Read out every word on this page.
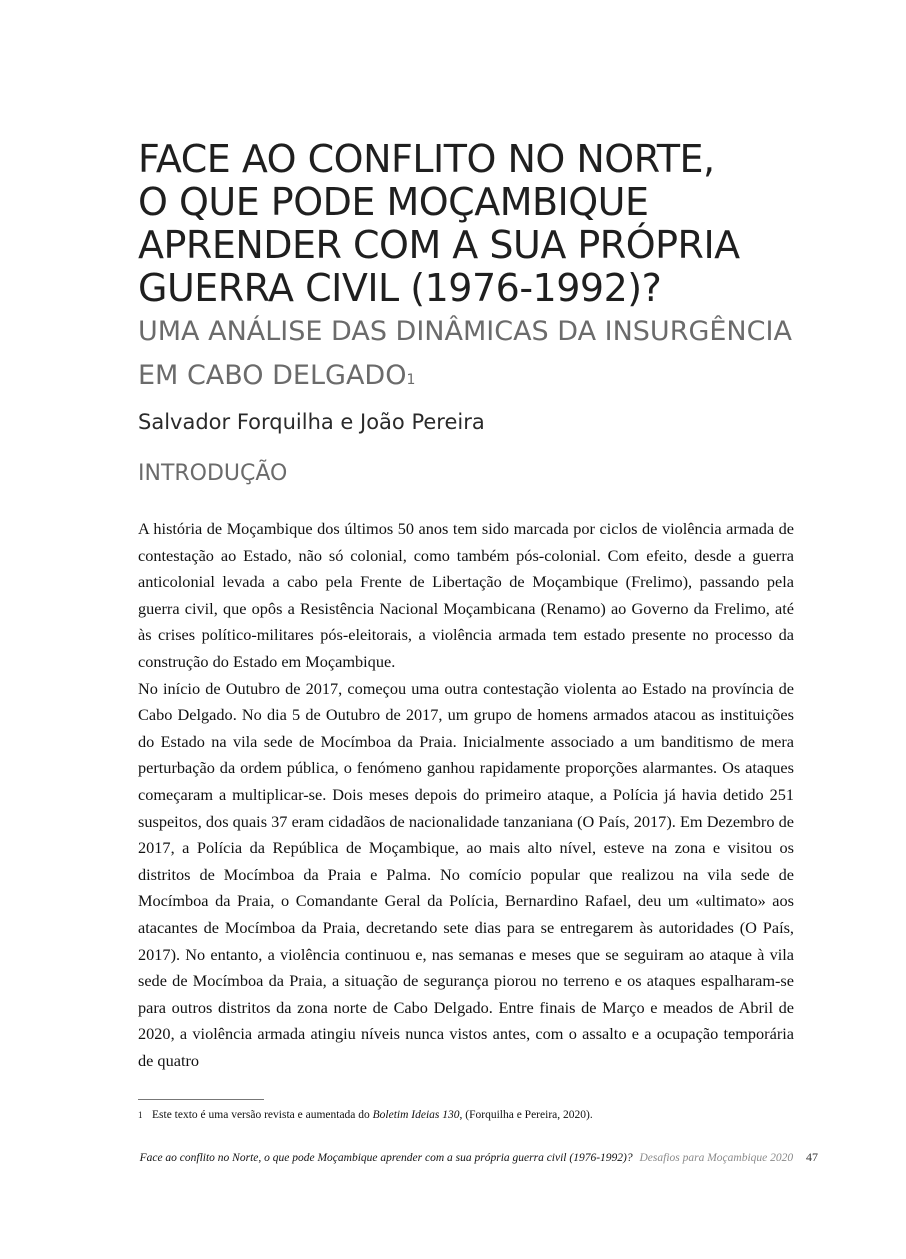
FACE AO CONFLITO NO NORTE,
O QUE PODE MOÇAMBIQUE
APRENDER COM A SUA PRÓPRIA
GUERRA CIVIL (1976-1992)?
UMA ANÁLISE DAS DINÂMICAS DA INSURGÊNCIA
EM CABO DELGADO$^1$

Salvador Forquilha e João Pereira

INTRODUÇÃO

A história de Moçambique dos últimos 50 anos tem sido marcada por ciclos de violência armada de contestação ao Estado, não só colonial, como também pós-colonial. Com efeito, desde a guerra anticolonial levada a cabo pela Frente de Libertação de Moçambique (Frelimo), passando pela guerra civil, que opôs a Resistência Nacional Moçambicana (Renamo) ao Governo da Frelimo, até às crises político-militares pós-eleitorais, a violência armada tem estado presente no processo da construção do Estado em Moçambique.

No início de Outubro de 2017, começou uma outra contestação violenta ao Estado na província de Cabo Delgado. No dia 5 de Outubro de 2017, um grupo de homens armados atacou as instituições do Estado na vila sede de Mocímboa da Praia. Inicialmente associado a um banditismo de mera perturbação da ordem pública, o fenómeno ganhou rapidamente proporções alarmantes. Os ataques começaram a multiplicar-se. Dois meses depois do primeiro ataque, a Polícia já havia detido 251 suspeitos, dos quais 37 eram cidadãos de nacionalidade tanzaniana (O País, 2017). Em Dezembro de 2017, a Polícia da República de Moçambique, ao mais alto nível, esteve na zona e visitou os distritos de Mocímboa da Praia e Palma. No comício popular que realizou na vila sede de Mocímboa da Praia, o Comandante Geral da Polícia, Bernardino Rafael, deu um «ultimato» aos atacantes de Mocímboa da Praia, decretando sete dias para se entregarem às autoridades (O País, 2017). No entanto, a violência continuou e, nas semanas e meses que se seguiram ao ataque à vila sede de Mocímboa da Praia, a situação de segurança piorou no terreno e os ataques espalharam-se para outros distritos da zona norte de Cabo Delgado. Entre finais de Março e meados de Abril de 2020, a violência armada atingiu níveis nunca vistos antes, com o assalto e a ocupação temporária de quatro

1 Este texto é uma versão revista e aumentada do Boletim Ideias 130, (Forquilha e Pereira, 2020).
Face ao conflito no Norte, o que pode Moçambique aprender com a sua própria guerra civil (1976-1992)? Desafios para Moçambique 2020 47
